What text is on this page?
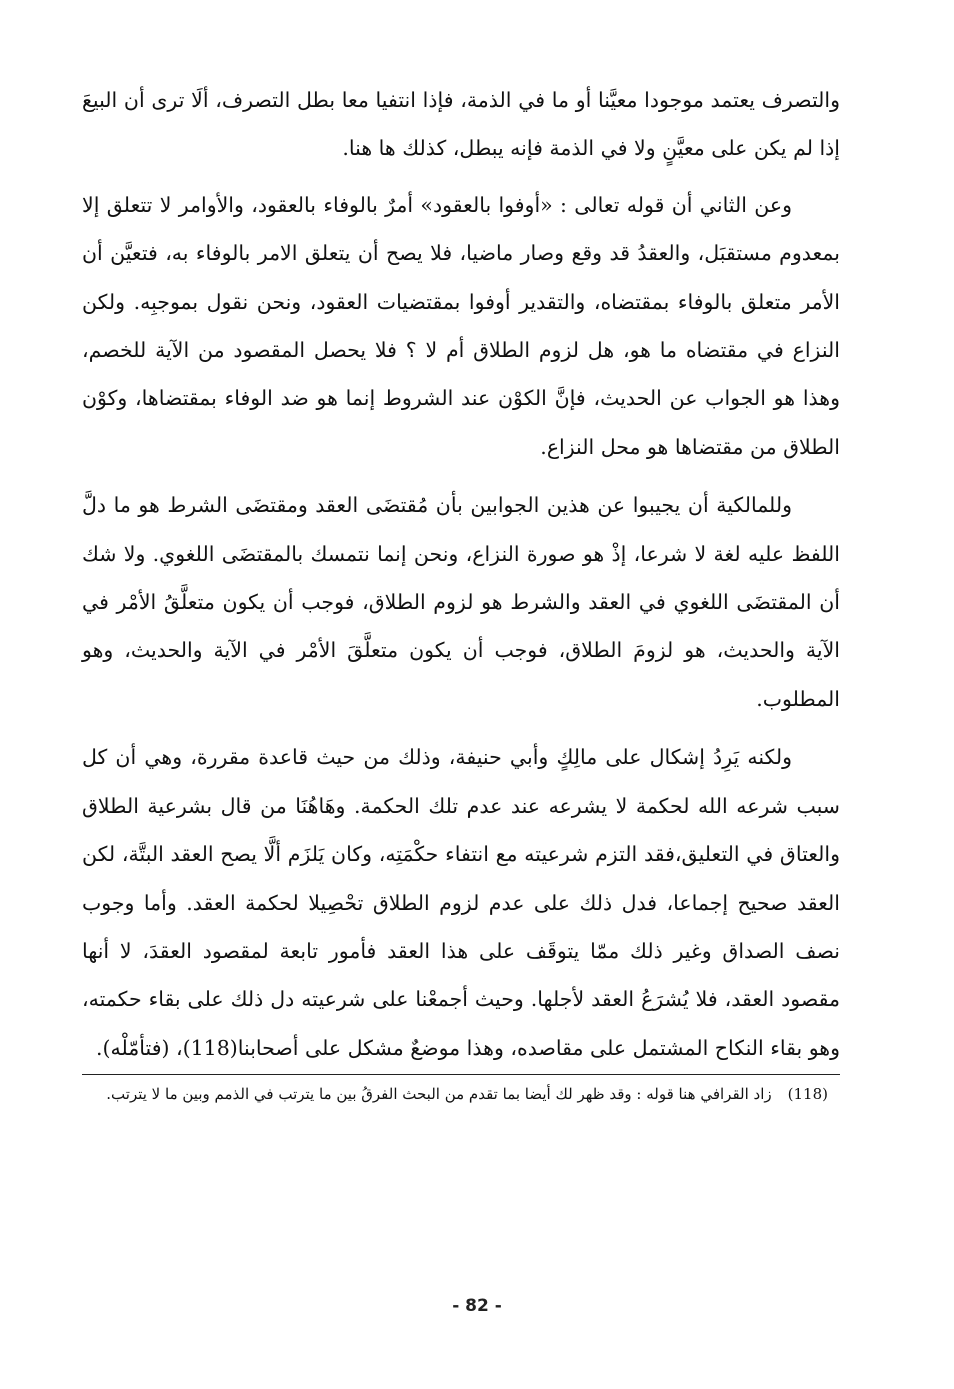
والتصرف يعتمد موجودا معيَّنا أو ما في الذمة، فإذا انتفيا معا بطل التصرف، ألَا ترى أن البيعَ إذا لم يكن على معيَّنٍ ولا في الذمة فإنه يبطل، كذلك ها هنا.

وعن الثاني أن قوله تعالى : «أوفوا بالعقود» أمرٌ بالوفاء بالعقود، والأوامر لا تتعلق إلا بمعدوم مستقبَل، والعقدُ قد وقع وصار ماضيا، فلا يصح أن يتعلق الامر بالوفاء به، فتعيَّن أن الأمر متعلق بالوفاء بمقتضاه، والتقدير أوفوا بمقتضيات العقود، ونحن نقول بموجبِه. ولكن النزاع في مقتضاه ما هو، هل لزوم الطلاق أم لا ؟ فلا يحصل المقصود من الآية للخصم، وهذا هو الجواب عن الحديث، فإنَّ الكوْن عند الشروط إنما هو ضد الوفاء بمقتضاها، وكوْن الطلاق من مقتضاها هو محل النزاع.

وللمالكية أن يجيبوا عن هذين الجوابين بأن مُقتضَى العقد ومقتضَى الشرط هو ما دلَّ اللفظ عليه لغة لا شرعا، إذْ هو صورة النزاع، ونحن إنما نتمسك بالمقتضَى اللغوي. ولا شك أن المقتضَى اللغوي في العقد والشرط هو لزوم الطلاق، فوجب أن يكون متعلَّقُ الأمْر في الآية والحديث، هو لزومَ الطلاق، فوجب أن يكون متعلَّقَ الأمْر في الآية والحديث، وهو المطلوب.

ولكنه يَرِدُ إشكال على مالِكٍ وأبي حنيفة، وذلك من حيث قاعدة مقررة، وهي أن كل سبب شرعه الله لحكمة لا يشرعه عند عدم تلك الحكمة. وهَاهُنَا من قال بشرعية الطلاق والعتاق في التعليق،فقد التزم شرعيته مع انتفاء حكْمَتِه، وكان يَلزَم ألَّا يصح العقد البتَّة، لكن العقد صحيح إجماعا، فدل ذلك على عدم لزوم الطلاق تحْصِيلا لحكمة العقد. وأما وجوب نصف الصداق وغير ذلك ممّا يتوقَف على هذا العقد فأمور تابعة لمقصود العقدَ، لا أنها مقصود العقد، فلا يُشرَعُ العقد لأجلها. وحيث أجمعْنا على شرعيته دل ذلك على بقاء حكمته، وهو بقاء النكاح المشتمل على مقاصده، وهذا موضعٌ مشكل على أصحابنا(118)، (فتأمّلْه).

(118)زاد القرافي هنا قوله : وقد ظهر لك أيضا بما تقدم من البحث الفرقُ بين ما يترتب في الذمم وبين ما لا يترتب.

- 82 -
